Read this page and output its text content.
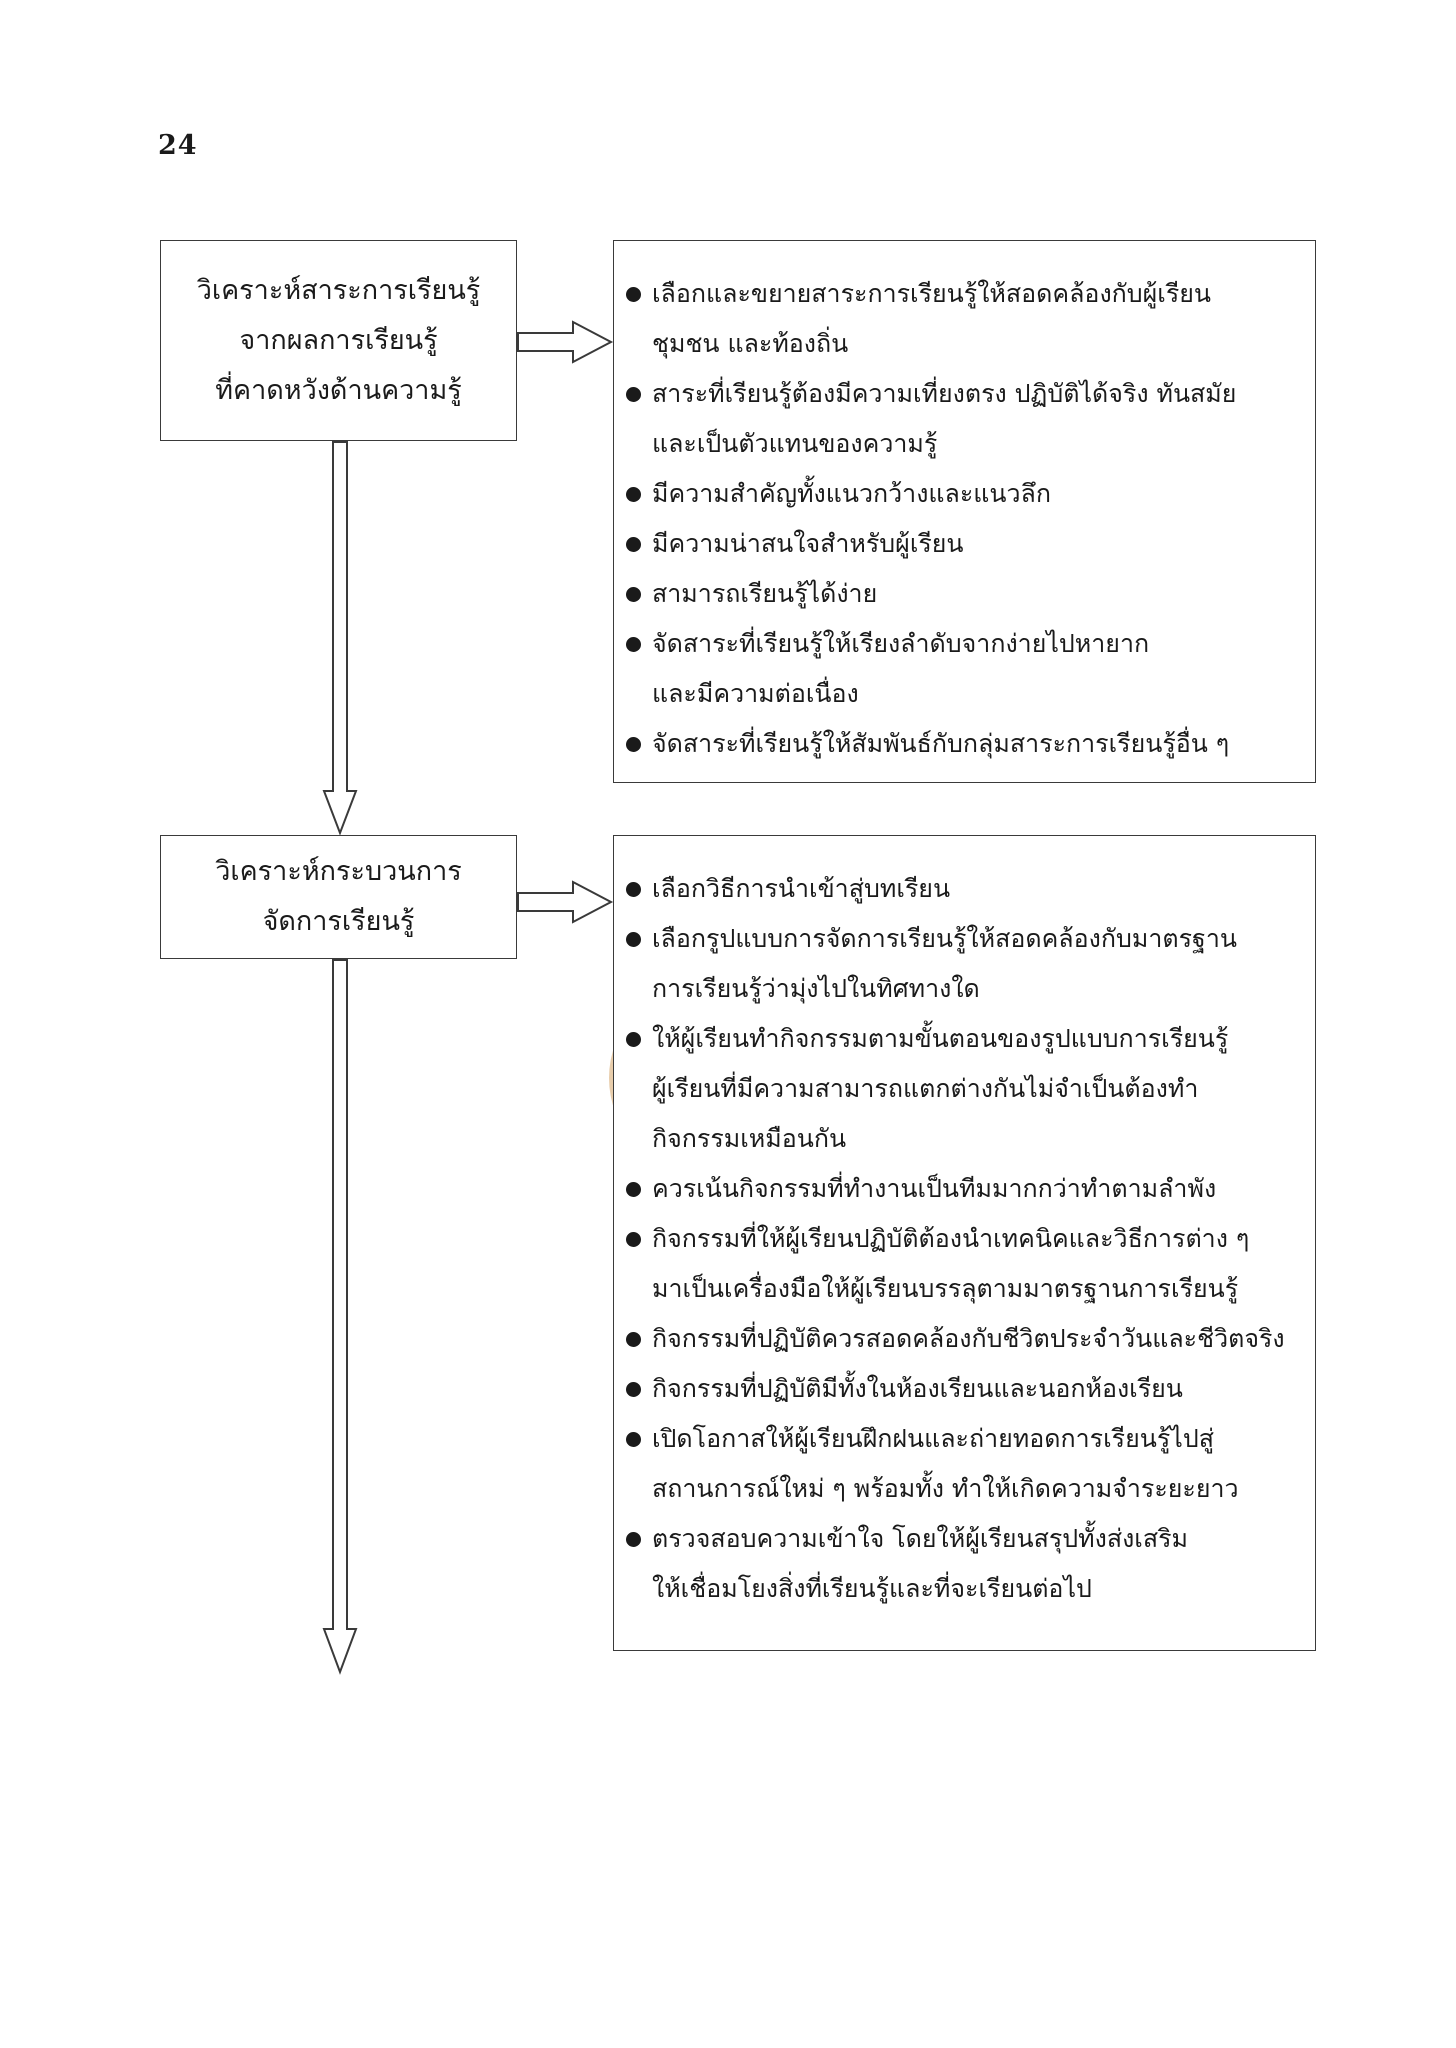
24
วิเคราะห์สาระการเรียนรู้
จากผลการเรียนรู้
ที่คาดหวังด้านความรู้
เลือกและขยายสาระการเรียนรู้ให้สอดคล้องกับผู้เรียน
ชุมชน และท้องถิ่น
สาระที่เรียนรู้ต้องมีความเที่ยงตรง ปฏิบัติได้จริง ทันสมัย
และเป็นตัวแทนของความรู้
มีความสำคัญทั้งแนวกว้างและแนวลึก
มีความน่าสนใจสำหรับผู้เรียน
สามารถเรียนรู้ได้ง่าย
จัดสาระที่เรียนรู้ให้เรียงลำดับจากง่ายไปหายาก
และมีความต่อเนื่อง
จัดสาระที่เรียนรู้ให้สัมพันธ์กับกลุ่มสาระการเรียนรู้อื่น ๆ
วิเคราะห์กระบวนการ
จัดการเรียนรู้
เลือกวิธีการนำเข้าสู่บทเรียน
เลือกรูปแบบการจัดการเรียนรู้ให้สอดคล้องกับมาตรฐาน
การเรียนรู้ว่ามุ่งไปในทิศทางใด
ให้ผู้เรียนทำกิจกรรมตามขั้นตอนของรูปแบบการเรียนรู้
ผู้เรียนที่มีความสามารถแตกต่างกันไม่จำเป็นต้องทำ
กิจกรรมเหมือนกัน
ควรเน้นกิจกรรมที่ทำงานเป็นทีมมากกว่าทำตามลำพัง
กิจกรรมที่ให้ผู้เรียนปฏิบัติต้องนำเทคนิคและวิธีการต่าง ๆ
มาเป็นเครื่องมือให้ผู้เรียนบรรลุตามมาตรฐานการเรียนรู้
กิจกรรมที่ปฏิบัติควรสอดคล้องกับชีวิตประจำวันและชีวิตจริง
กิจกรรมที่ปฏิบัติมีทั้งในห้องเรียนและนอกห้องเรียน
เปิดโอกาสให้ผู้เรียนฝึกฝนและถ่ายทอดการเรียนรู้ไปสู่
สถานการณ์ใหม่ ๆ พร้อมทั้ง ทำให้เกิดความจำระยะยาว
ตรวจสอบความเข้าใจ โดยให้ผู้เรียนสรุปทั้งส่งเสริม
ให้เชื่อมโยงสิ่งที่เรียนรู้และที่จะเรียนต่อไป
